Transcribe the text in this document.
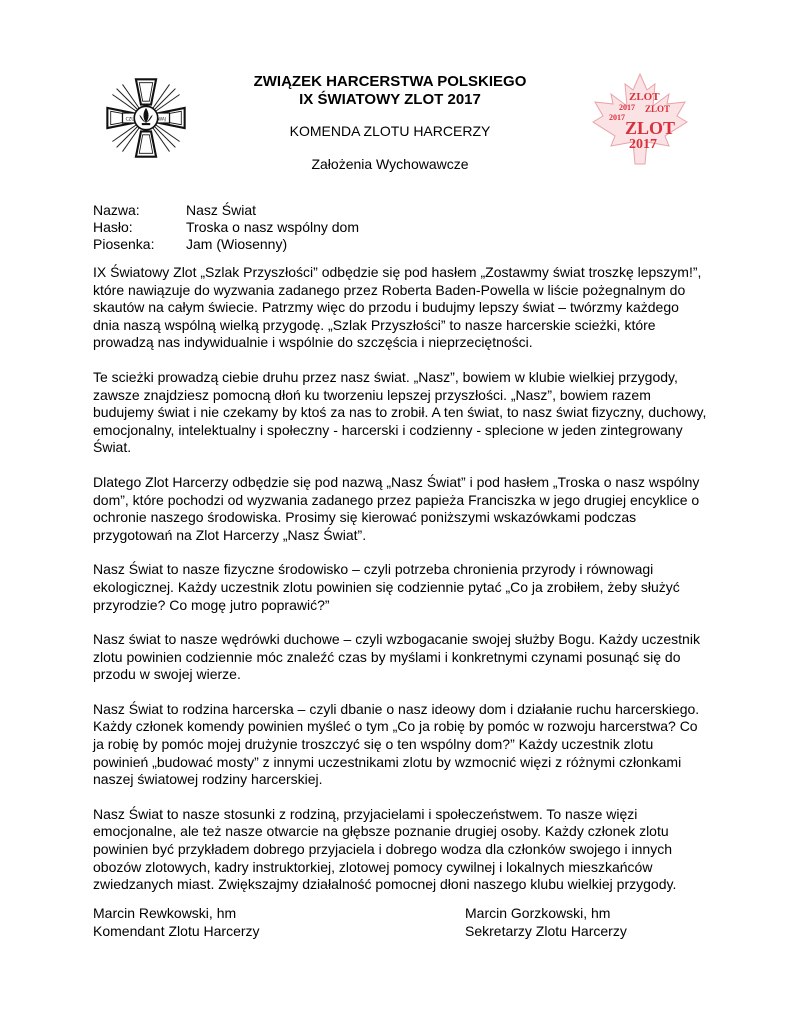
CZU	WAJ
ZWIĄZEK HARCERSTWA POLSKIEGO
IX ŚWIATOWY ZLOT 2017
KOMENDA ZLOTU HARCERZY
Założenia Wychowawcze
ZLOT
2017 ZLOT
2017
ZLOT
2017
Nazwa:	Nasz Świat
Hasło:	Troska o nasz wspólny dom
Piosenka:	Jam (Wiosenny)

IX Światowy Zlot „Szlak Przyszłości” odbędzie się pod hasłem „Zostawmy świat troszkę lepszym!”, które nawiązuje do wyzwania zadanego przez Roberta Baden-Powella w liście pożegnalnym do skautów na całym świecie. Patrzmy więc do przodu i budujmy lepszy świat – twórzmy każdego dnia naszą wspólną wielką przygodę. „Szlak Przyszłości” to nasze harcerskie scieżki, które prowadzą nas indywidualnie i wspólnie do szczęścia i nieprzeciętności.

Te scieżki prowadzą ciebie druhu przez nasz świat. „Nasz”, bowiem w klubie wielkiej przygody, zawsze znajdziesz pomocną dłoń ku tworzeniu lepszej przyszłości. „Nasz”, bowiem razem budujemy świat i nie czekamy by ktoś za nas to zrobił. A ten świat, to nasz świat fizyczny, duchowy, emocjonalny, intelektualny i społeczny - harcerski i codzienny - splecione w jeden zintegrowany Świat.

Dlatego Zlot Harcerzy odbędzie się pod nazwą „Nasz Świat” i pod hasłem „Troska o nasz wspólny dom”, które pochodzi od wyzwania zadanego przez papieża Franciszka w jego drugiej encyklice o ochronie naszego środowiska. Prosimy się kierować poniższymi wskazówkami podczas przygotowań na Zlot Harcerzy „Nasz Świat”.

Nasz Świat to nasze fizyczne środowisko – czyli potrzeba chronienia przyrody i równowagi ekologicznej. Każdy uczestnik zlotu powinien się codziennie pytać „Co ja zrobiłem, żeby służyć przyrodzie? Co mogę jutro poprawić?”

Nasz świat to nasze wędrówki duchowe – czyli wzbogacanie swojej służby Bogu. Każdy uczestnik zlotu powinien codziennie móc znaleźć czas by myślami i konkretnymi czynami posunąć się do przodu w swojej wierze.

Nasz Świat to rodzina harcerska – czyli dbanie o nasz ideowy dom i działanie ruchu harcerskiego. Każdy członek komendy powinien myśleć o tym „Co ja robię by pomóc w rozwoju harcerstwa? Co ja robię by pomóc mojej drużynie troszczyć się o ten wspólny dom?” Każdy uczestnik zlotu powinień „budować mosty” z innymi uczestnikami zlotu by wzmocnić więzi z różnymi członkami naszej światowej rodziny harcerskiej.

Nasz Świat to nasze stosunki z rodziną, przyjacielami i społeczeństwem. To nasze więzi emocjonalne, ale też nasze otwarcie na głębsze poznanie drugiej osoby. Każdy członek zlotu powinien być przykładem dobrego przyjaciela i dobrego wodza dla członków swojego i innych obozów zlotowych, kadry instruktorkiej, zlotowej pomocy cywilnej i lokalnych mieszkańców zwiedzanych miast. Zwiększajmy działalność pomocnej dłoni naszego klubu wielkiej przygody.

Marcin Rewkowski, hm
Komendant Zlotu Harcerzy
Marcin Gorzkowski, hm
Sekretarzy Zlotu Harcerzy
